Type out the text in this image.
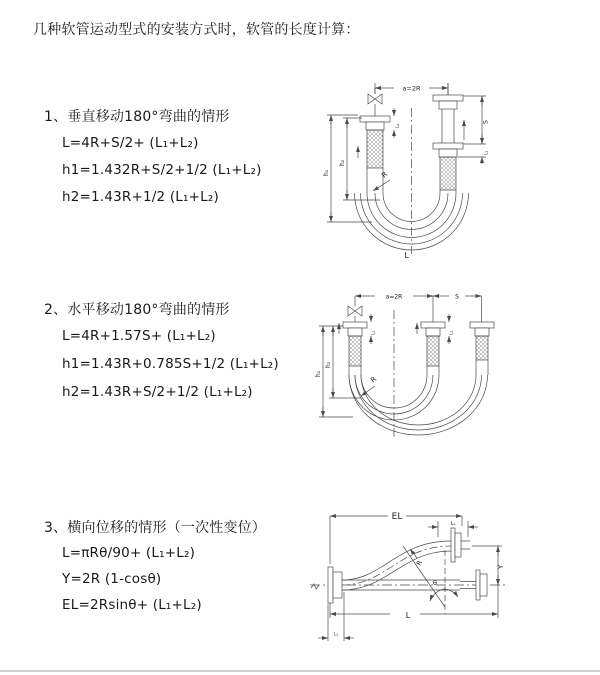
几种软管运动型式的安装方式时，软管的长度计算：
1、垂直移动180°弯曲的情形
L=4R+S/2+ (L₁+L₂)
h1=1.432R+S/2+1/2 (L₁+L₂)
h2=1.43R+1/2 (L₁+L₂)
2、水平移动180°弯曲的情形
L=4R+1.57S+ (L₁+L₂)
h1=1.43R+0.785S+1/2 (L₁+L₂)
h2=1.43R+S/2+1/2 (L₁+L₂)
3、横向位移的情形（一次性变位）
L=πRθ/90+ (L₁+L₂)
Y=2R (1-cosθ)
EL=2Rsinθ+ (L₁+L₂)
a=2R
h₁
h₂
L₂
S
L₁
R
L
a=2R	S
h₁
h₂
L₂	L₁
R
EL
L₁
Y
R
θ
L
L₂
